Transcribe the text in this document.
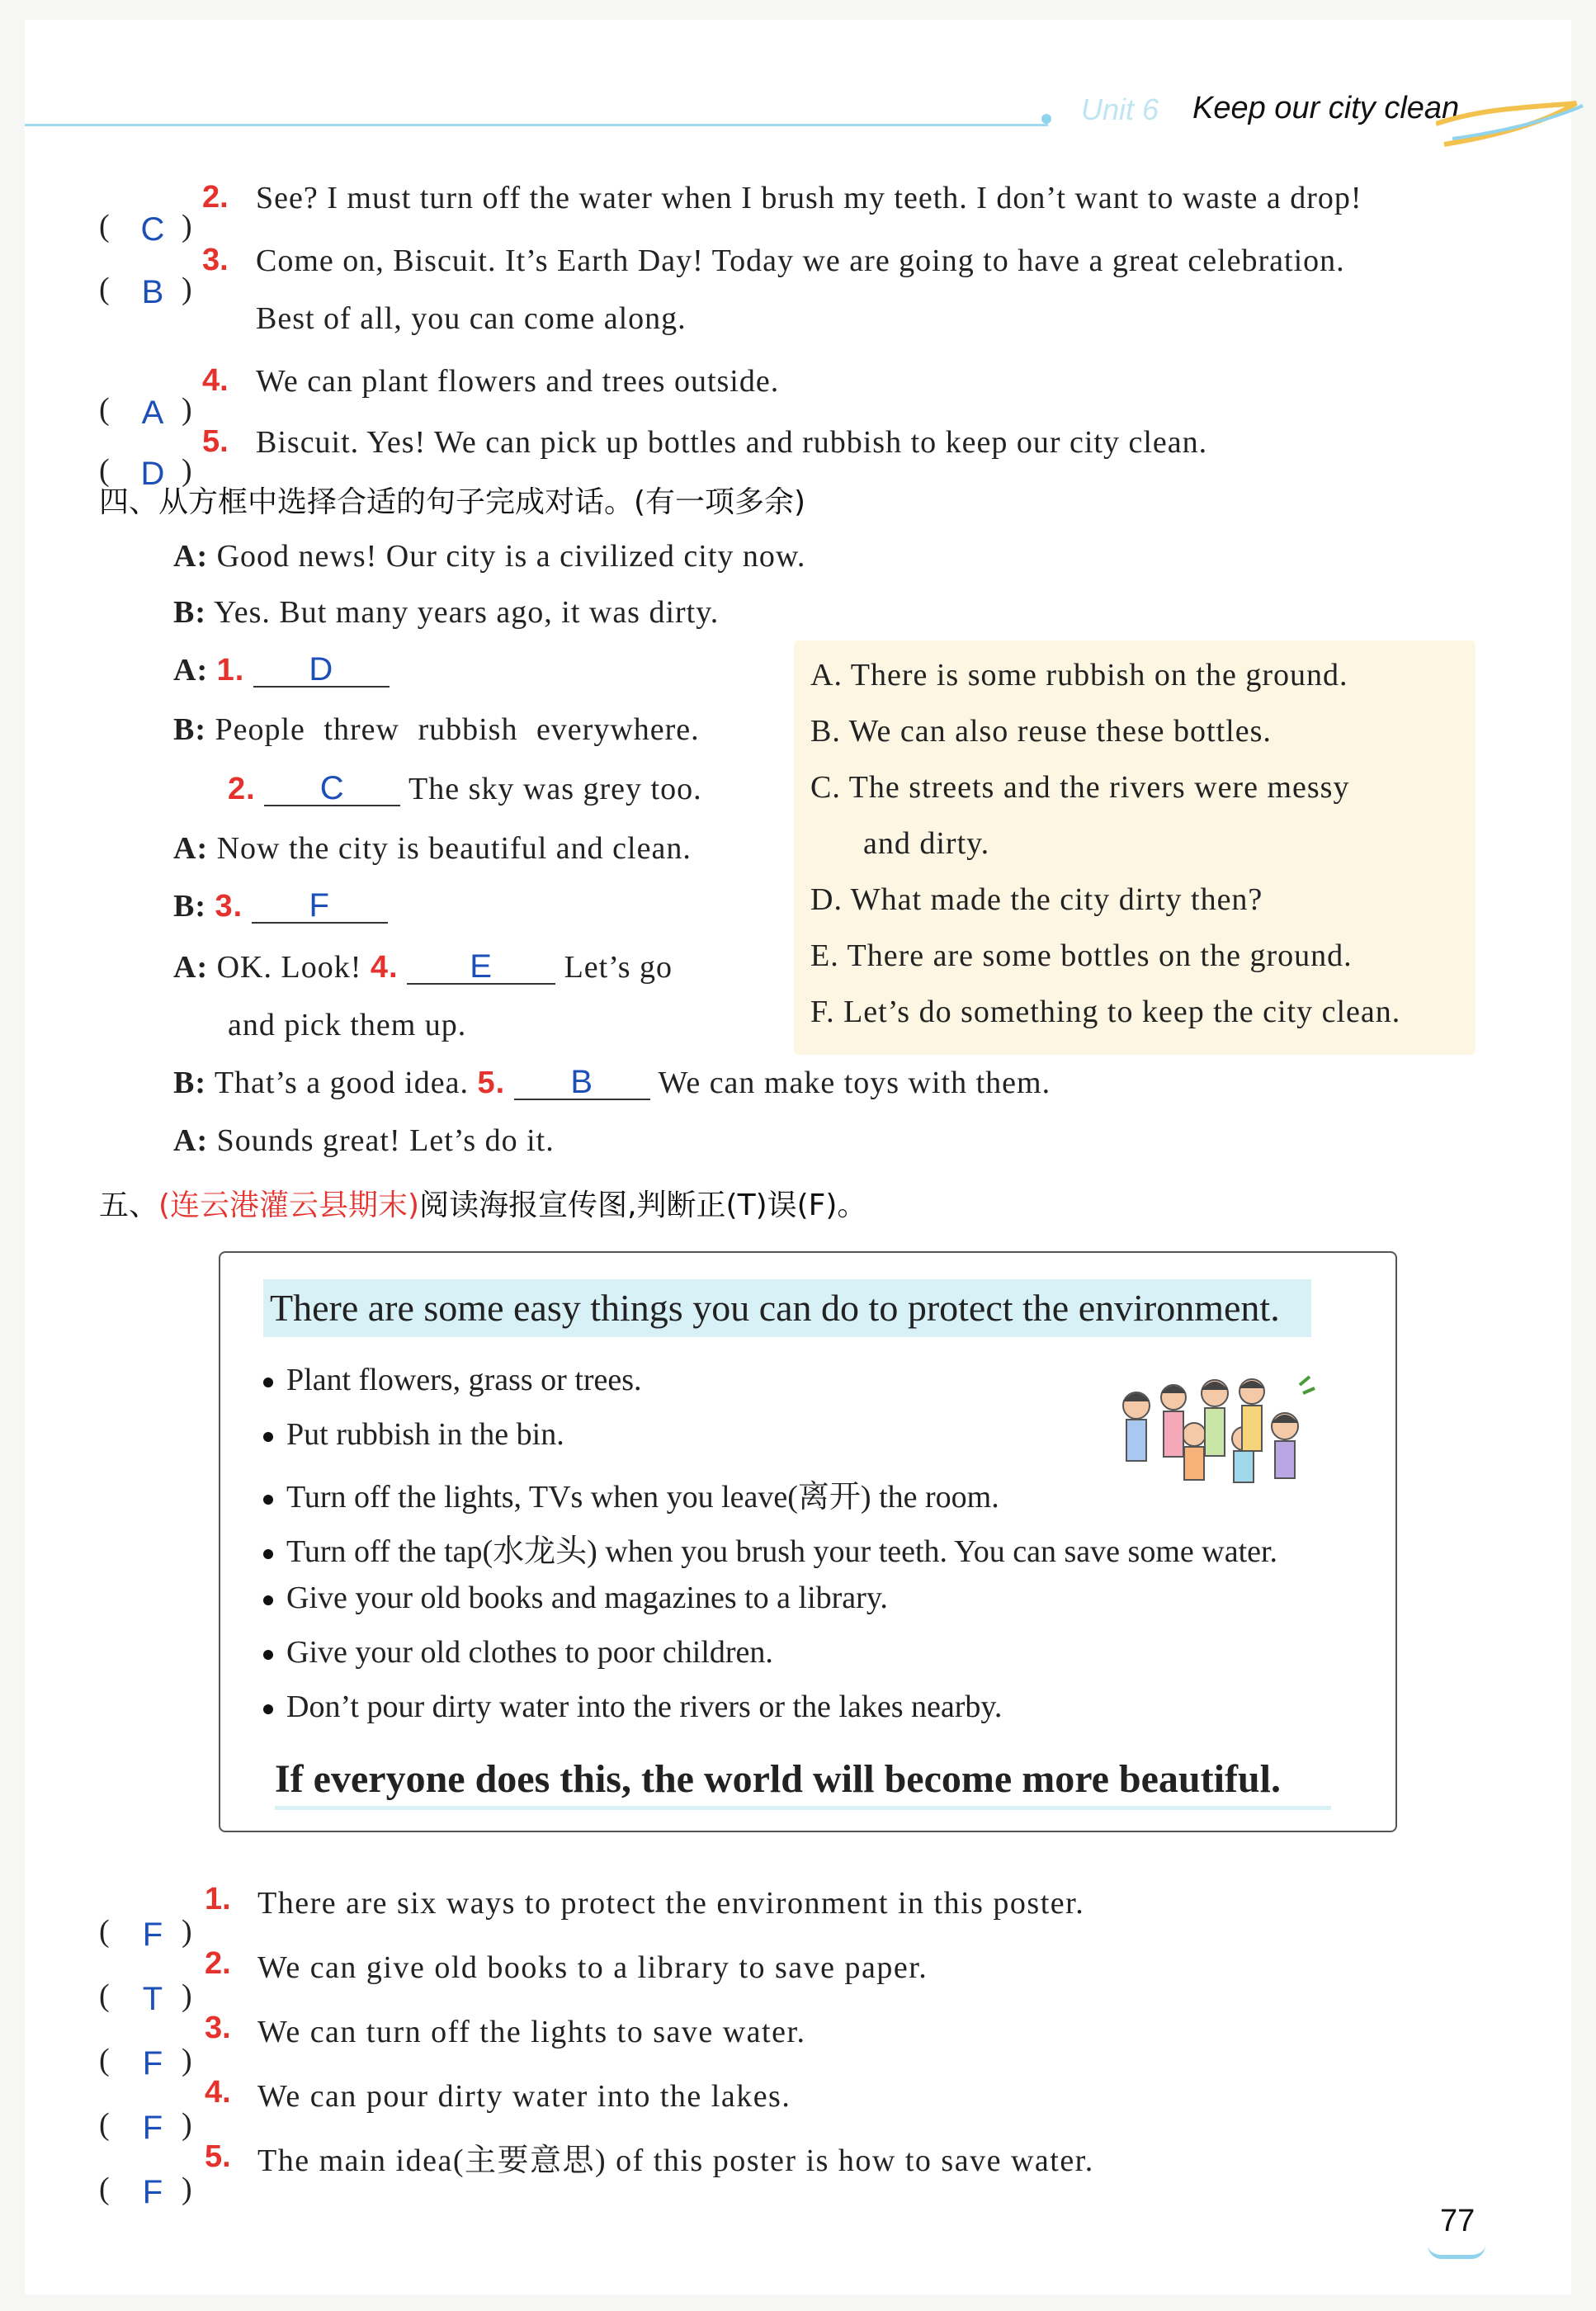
Unit 6 Keep our city clean
( C )
2. See? I must turn off the water when I brush my teeth. I don’t want to waste a drop!
( B )
3. Come on, Biscuit. It’s Earth Day! Today we are going to have a great celebration.
Best of all, you can come along.
( A )
4. We can plant flowers and trees outside.
( D )
5. Biscuit. Yes! We can pick up bottles and rubbish to keep our city clean.
四、从方框中选择合适的句子完成对话。(有一项多余)
A: Good news! Our city is a civilized city now.
B: Yes. But many years ago, it was dirty.
A: 1. D
B: People threw rubbish everywhere.
2. C The sky was grey too.
A: Now the city is beautiful and clean.
B: 3. F
A: OK. Look! 4. E Let’s go
and pick them up.
B: That’s a good idea. 5. B We can make toys with them.
A: Sounds great! Let’s do it.
A. There is some rubbish on the ground.
B. We can also reuse these bottles.
C. The streets and the rivers were messy
and dirty.
D. What made the city dirty then?
E. There are some bottles on the ground.
F. Let’s do something to keep the city clean.
五、(连云港灌云县期末)阅读海报宣传图,判断正(T)误(F)。
There are some easy things you can do to protect the environment.
Plant flowers, grass or trees.
Put rubbish in the bin.
Turn off the lights, TVs when you leave(离开) the room.
Turn off the tap(水龙头) when you brush your teeth. You can save some water.
Give your old books and magazines to a library.
Give your old clothes to poor children.
Don’t pour dirty water into the rivers or the lakes nearby.
If everyone does this, the world will become more beautiful.
(	F )
1. There are six ways to protect the environment in this poster.
(	T )
2. We can give old books to a library to save paper.
(	F )
3. We can turn off the lights to save water.
(	F )
4. We can pour dirty water into the lakes.
(	F )
5. The main idea(主要意思) of this poster is how to save water.
77
